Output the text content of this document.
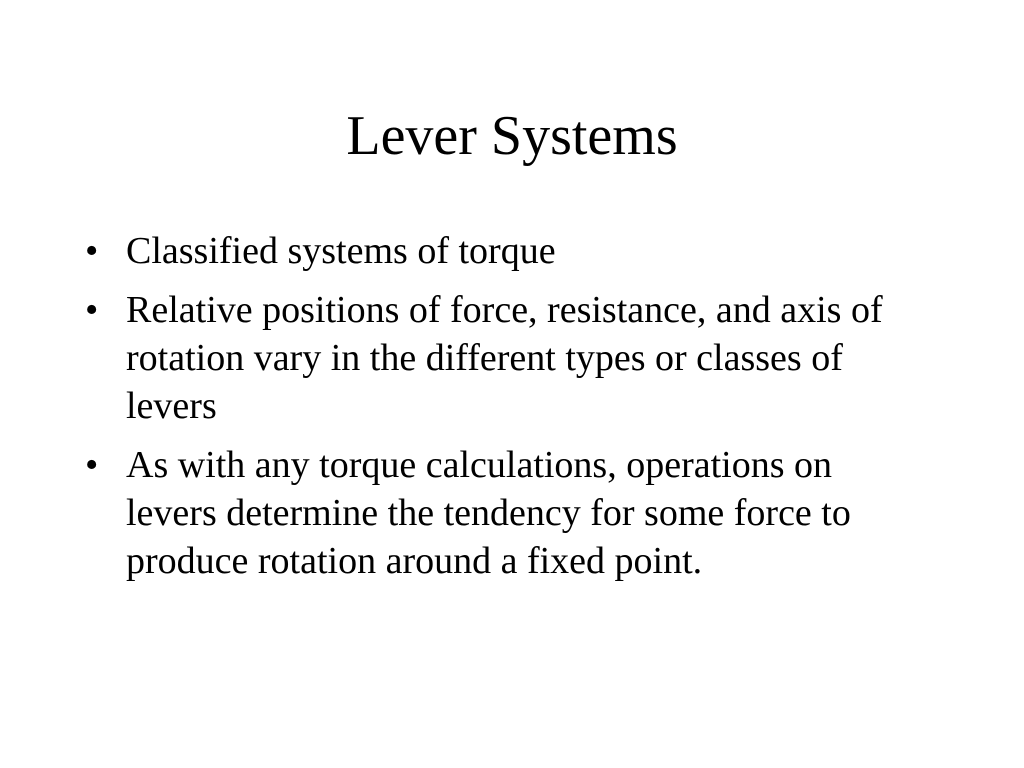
Lever Systems
• Classified systems of torque
• Relative positions of force, resistance, and axis of rotation vary in the different types or classes of levers
• As with any torque calculations, operations on levers determine the tendency for some force to produce rotation around a fixed point.
